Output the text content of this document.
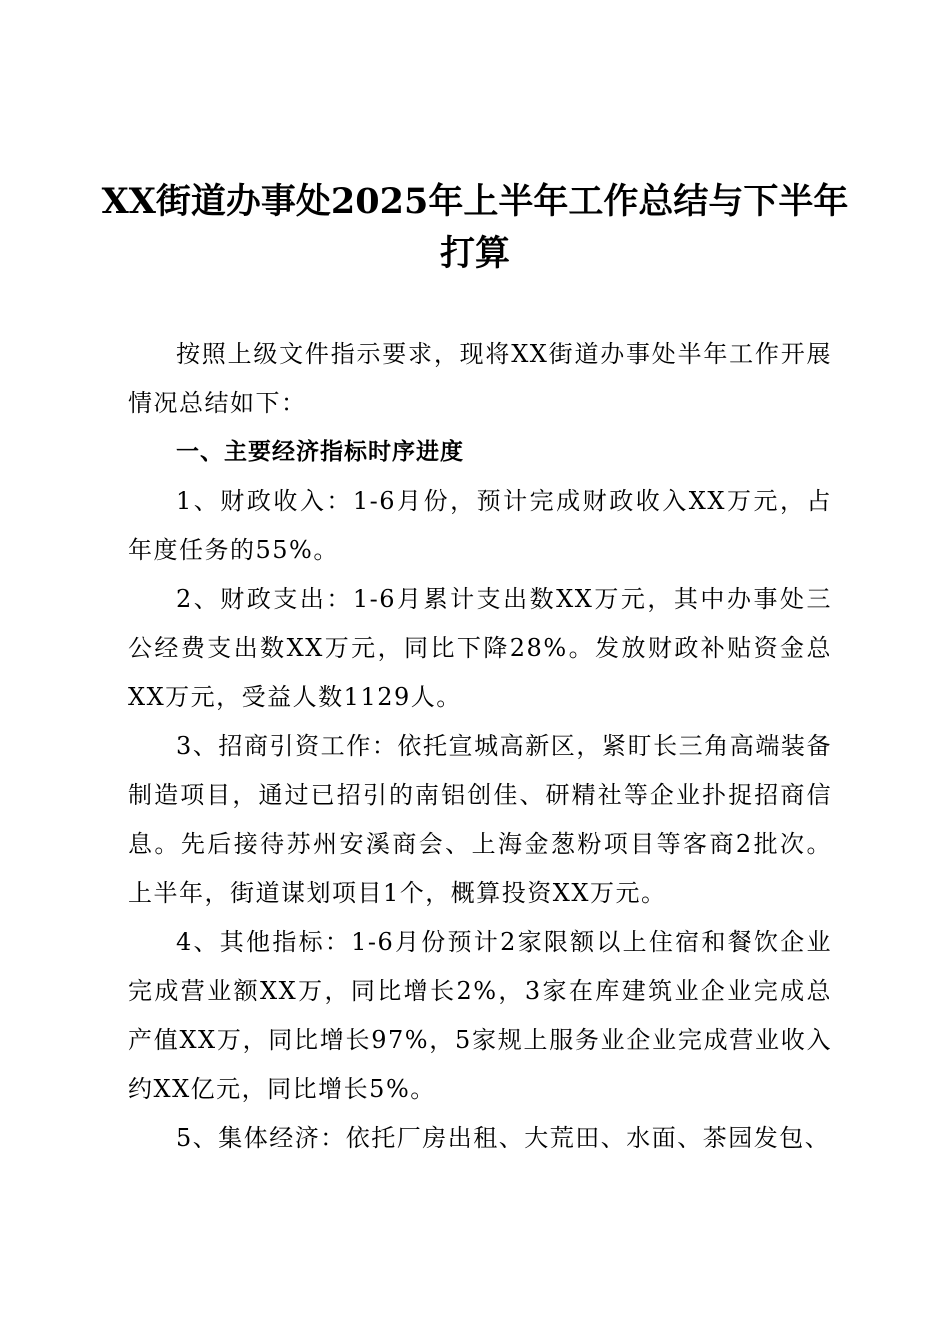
XX街道办事处2025年上半年工作总结与下半年打算

按照上级文件指示要求，现将XX街道办事处半年工作开展情况总结如下：

一、主要经济指标时序进度

1、财政收入：1-6月份，预计完成财政收入XX万元，占年度任务的55%。

2、财政支出：1-6月累计支出数XX万元，其中办事处三公经费支出数XX万元，同比下降28%。发放财政补贴资金总XX万元，受益人数1129人。

3、招商引资工作：依托宣城高新区，紧盯长三角高端装备制造项目，通过已招引的南铝创佳、研精社等企业扑捉招商信息。先后接待苏州安溪商会、上海金葱粉项目等客商2批次。上半年，街道谋划项目1个，概算投资XX万元。

4、其他指标：1-6月份预计2家限额以上住宿和餐饮企业完成营业额XX万，同比增长2%，3家在库建筑业企业完成总产值XX万，同比增长97%，5家规上服务业企业完成营业收入约XX亿元，同比增长5%。

5、集体经济：依托厂房出租、大荒田、水面、茶园发包、
